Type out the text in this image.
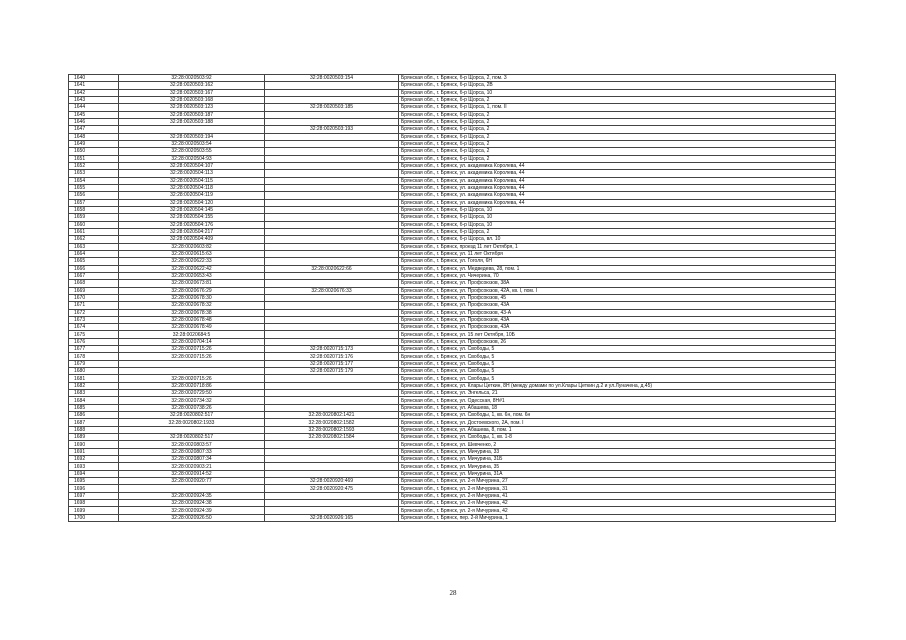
1640	32:28:0020503:92	32:28:0020503:154	Брянская обл., г. Брянск, б-р Щорса, 2, пом. 3
1641	32:28:0020503:162		Брянская обл., г. Брянск, б-р Щорса, 2В
1642	32:28:0020503:167		Брянская обл., г. Брянск, б-р Щорса, 10
1643	32:28:0020503:168		Брянская обл., г. Брянск, б-р Щорса, 2
1644	32:28:0020503:123	32:28:0020503:185	Брянская обл., г. Брянск, б-р Щорса, 1, пом. II
1645	32:28:0020503:187		Брянская обл., г. Брянск, б-р Щорса, 2
1646	32:28:0020503:188		Брянская обл., г. Брянск, б-р Щорса, 2
1647		32:28:0020503:193	Брянская обл., г. Брянск, б-р Щорса, 2
1648	32:28:0020503:194		Брянская обл., г. Брянск, б-р Щорса, 2
1649	32:28:0020503:54		Брянская обл., г. Брянск, б-р Щорса, 2
1650	32:28:0020503:55		Брянская обл., г. Брянск, б-р Щорса, 2
1651	32:28:0020504:93		Брянская обл., г. Брянск, б-р Щорса, 2
1652	32:28:0020504:107		Брянская обл., г. Брянск, ул. академика Королева, 44
1653	32:28:0020504:113		Брянская обл., г. Брянск, ул. академика Королева, 44
1654	32:28:0020504:115		Брянская обл., г. Брянск, ул. академика Королева, 44
1655	32:28:0020504:118		Брянская обл., г. Брянск, ул. академика Королева, 44
1656	32:28:0020504:119		Брянская обл., г. Брянск, ул. академика Королева, 44
1657	32:28:0020504:120		Брянская обл., г. Брянск, ул. академика Королева, 44
1658	32:28:0020504:145		Брянская обл., г. Брянск, б-р Щорса, 10
1659	32:28:0020504:155		Брянская обл., г. Брянск, б-р Щорса, 10
1660	32:28:0020504:176		Брянская обл., г. Брянск, б-р Щорса, 10
1661	32:28:0020504:217		Брянская обл., г. Брянск, б-р Щорса, 2
1662	32:28:0020504:409		Брянская обл., г. Брянск, б-р Щорса, вл. 10
1663	32:28:0020603:82		Брянская обл., г. Брянск, проезд 11 лет Октября, 1
1664	32:28:0020615:63		Брянская обл., г. Брянск, ул. 11 лет Октября
1665	32:28:0020622:33		Брянская обл., г. Брянск, ул. Гоголя, 6Н
1666	32:28:0020622:42	32:28:0020622:66	Брянская обл., г. Брянск, ул. Медведева, 28, пом. 1
1667	32:28:0020653:43		Брянская обл., г. Брянск, ул. Чичерина, 70
1668	32:28:0020673:81		Брянская обл., г. Брянск, ул. Профсоюзов, 38А
1669	32:28:0020676:29	32:28:0020676:33	Брянская обл., г. Брянск, ул. Профсоюзов, 42А, кв. I, пом. I
1670	32:28:0020678:30		Брянская обл., г. Брянск, ул. Профсоюзов, 45
1671	32:28:0020678:32		Брянская обл., г. Брянск, ул. Профсоюзов, 43А
1672	32:28:0020678:38		Брянская обл., г. Брянск, ул. Профсоюзов, 43-А
1673	32:28:0020678:48		Брянская обл., г. Брянск, ул. Профсоюзов, 43А
1674	32:28:0020678:49		Брянская обл., г. Брянск, ул. Профсоюзов, 43А
1675	32:28:0020684:5		Брянская обл., г. Брянск, ул. 15 лет Октября, 10Б
1676	32:28:0020704:14		Брянская обл., г. Брянск, ул. Профсоюзов, 26
1677	32:28:0020715:26	32:28:0020715:173	Брянская обл., г. Брянск, ул. Свободы, 5
1678	32:28:0020715:26	32:28:0020715:176	Брянская обл., г. Брянск, ул. Свободы, 5
1679		32:28:0020715:177	Брянская обл., г. Брянск, ул. Свободы, 5
1680		32:28:0020715:179	Брянская обл., г. Брянск, ул. Свободы, 5
1681	32:28:0020715:26		Брянская обл., г. Брянск, ул. Свободы, 5
1682	32:28:0020718:86		Брянская обл., г. Брянск, ул. Клары Цеткин, 8Н (между домами по ул.Клары Цеткин д.2 и ул.Луначена, д.45)
1683	32:28:0020729:50		Брянская обл., г. Брянск, ул. Энгельса, 21
1684	32:28:0020734:32		Брянская обл., г. Брянск, ул. Одесская, 8Н#1
1685	32:28:0020738:26		Брянская обл., г. Брянск, ул. Абашева, 18
1686	32:28:0020802:517	32:28:0020802:1421	Брянская обл., г. Брянск, ул. Свободы, 1, кв. 6н, пом. 6н
1687	32:28:0020802:1933	32:28:0020802:1582	Брянская обл., г. Брянск, ул. Достоевского, 2А, пом. I
1688		32:28:0020802:1593	Брянская обл., г. Брянск, ул. Абашева, 8, пом. 1
1689	32:28:0020802:517	32:28:0020802:1584	Брянская обл., г. Брянск, ул. Свободы, 1, кв. 1-8
1690	32:28:0020803:57		Брянская обл., г. Брянск, ул. Шевченко, 2
1691	32:28:0020807:33		Брянская обл., г. Брянск, ул. Мичурина, 33
1692	32:28:0020807:34		Брянская обл., г. Брянск, ул. Мичурина, 31Б
1693	32:28:0020903:21		Брянская обл., г. Брянск, ул. Мичурина, 35
1694	32:28:0020914:52		Брянская обл., г. Брянск, ул. Мичурина, 31А
1695	32:28:0020920:77	32:28:0020920:469	Брянская обл., г. Брянск, ул. 2-я Мичурина, 27
1696		32:28:0020920:475	Брянская обл., г. Брянск, ул. 2-я Мичурина, 31
1697	32:28:0020924:35		Брянская обл., г. Брянск, ул. 2-я Мичурина, 41
1698	32:28:0020924:38		Брянская обл., г. Брянск, ул. 2-я Мичурина, 42
1699	32:28:0020924:39		Брянская обл., г. Брянск, ул. 2-я Мичурина, 42
1700	32:28:0020926:50	32:28:0020926:165	Брянская обл., г. Брянск, пер. 2-й Мичурина, 1
28
